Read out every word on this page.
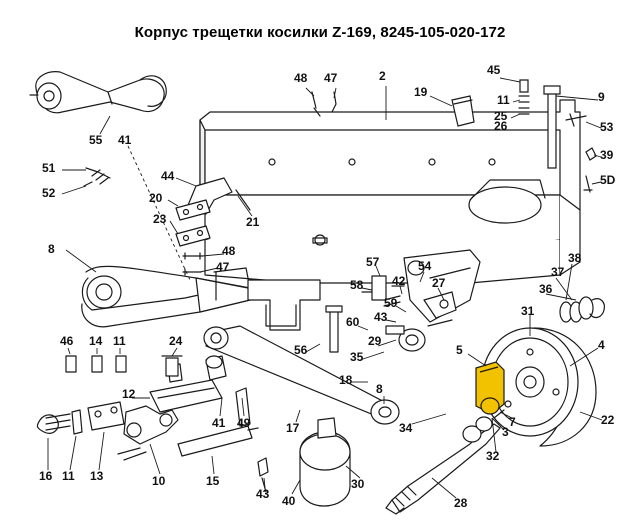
Корпус трещетки косилки Z-169, 8245-105-020-172
48 47	2
19
45
11
25
26
9
53
39
5D
55 41
51
52
44
20
23	21
8	48
47	57	54
27
58 42
59
38
37
36
31
43
60
29
56	35	5	4
46 14 11	24
18
8
12
41 49	17
22
7
3
34
32
16 11 13	10	15
43 40
30
28
